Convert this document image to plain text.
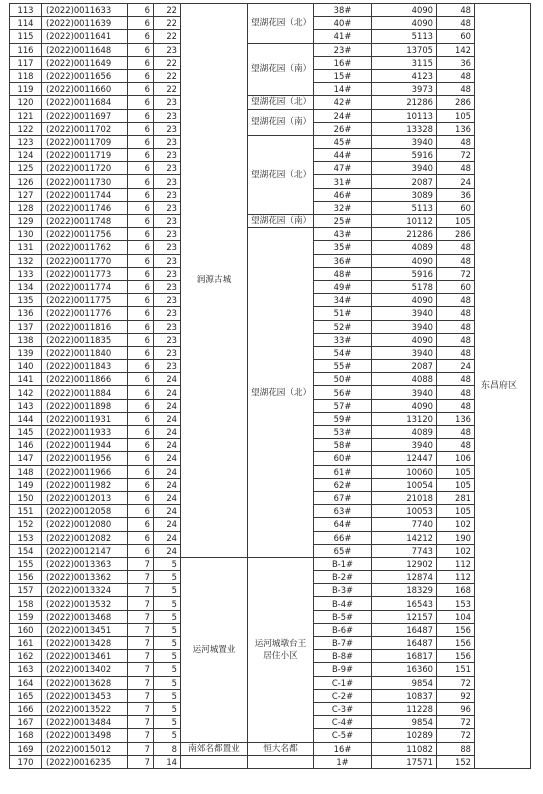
113	(2022)0011633	6	22	润源古城	望湖花园（北）	38#	4090	48	东昌府区
114	(2022)0011639	6	22			40#	4090	48	
115	(2022)0011641	6	22			41#	5113	60	
116	(2022)0011648	6	23		望湖花园（南）	23#	13705	142	
117	(2022)0011649	6	22			16#	3115	36	
118	(2022)0011656	6	22			15#	4123	48	
119	(2022)0011660	6	22			14#	3973	48	
120	(2022)0011684	6	23		望湖花园（北）	42#	21286	286	
121	(2022)0011697	6	23		望湖花园（南）	24#	10113	105	
122	(2022)0011702	6	23			26#	13328	136	
123	(2022)0011709	6	23		望湖花园（北）	45#	3940	48	
124	(2022)0011719	6	23			44#	5916	72	
125	(2022)0011720	6	23			47#	3940	48	
126	(2022)0011730	6	23			31#	2087	24	
127	(2022)0011744	6	23			46#	3089	36	
128	(2022)0011746	6	23			32#	5113	60	
129	(2022)0011748	6	23		望湖花园（南）	25#	10112	105	
130	(2022)0011756	6	23		望湖花园（北）	43#	21286	286	
131	(2022)0011762	6	23			35#	4089	48	
132	(2022)0011770	6	23			36#	4090	48	
133	(2022)0011773	6	23			48#	5916	72	
134	(2022)0011774	6	23			49#	5178	60	
135	(2022)0011775	6	23			34#	4090	48	
136	(2022)0011776	6	23			51#	3940	48	
137	(2022)0011816	6	23			52#	3940	48	
138	(2022)0011835	6	23			33#	4090	48	
139	(2022)0011840	6	23			54#	3940	48	
140	(2022)0011843	6	23			55#	2087	24	
141	(2022)0011866	6	24			50#	4088	48	
142	(2022)0011884	6	24			56#	3940	48	
143	(2022)0011898	6	24			57#	4090	48	
144	(2022)0011931	6	24			59#	13120	136	
145	(2022)0011933	6	24			53#	4089	48	
146	(2022)0011944	6	24			58#	3940	48	
147	(2022)0011956	6	24			60#	12447	106	
148	(2022)0011966	6	24			61#	10060	105	
149	(2022)0011982	6	24			62#	10054	105	
150	(2022)0012013	6	24			67#	21018	281	
151	(2022)0012058	6	24			63#	10053	105	
152	(2022)0012080	6	24			64#	7740	102	
153	(2022)0012082	6	24			66#	14212	190	
154	(2022)0012147	6	24			65#	7743	102	
155	(2022)0013363	7	5	运河城置业	运河城墩台王居住小区	B-1#	12902	112	
156	(2022)0013362	7	5			B-2#	12874	112	
157	(2022)0013324	7	5			B-3#	18329	168	
158	(2022)0013532	7	5			B-4#	16543	153	
159	(2022)0013468	7	5			B-5#	12157	104	
160	(2022)0013451	7	5			B-6#	16487	156	
161	(2022)0013428	7	5			B-7#	16487	156	
162	(2022)0013461	7	5			B-8#	16817	156	
163	(2022)0013402	7	5			B-9#	16360	151	
164	(2022)0013628	7	5			C-1#	9854	72	
165	(2022)0013453	7	5			C-2#	10837	92	
166	(2022)0013522	7	5			C-3#	11228	96	
167	(2022)0013484	7	5			C-4#	9854	72	
168	(2022)0013498	7	5			C-5#	10289	72	
169	(2022)0015012	7	8	南郊名都置业	恒大名都	16#	11082	88	
170	(2022)0016235	7	14			1#	17571	152	
